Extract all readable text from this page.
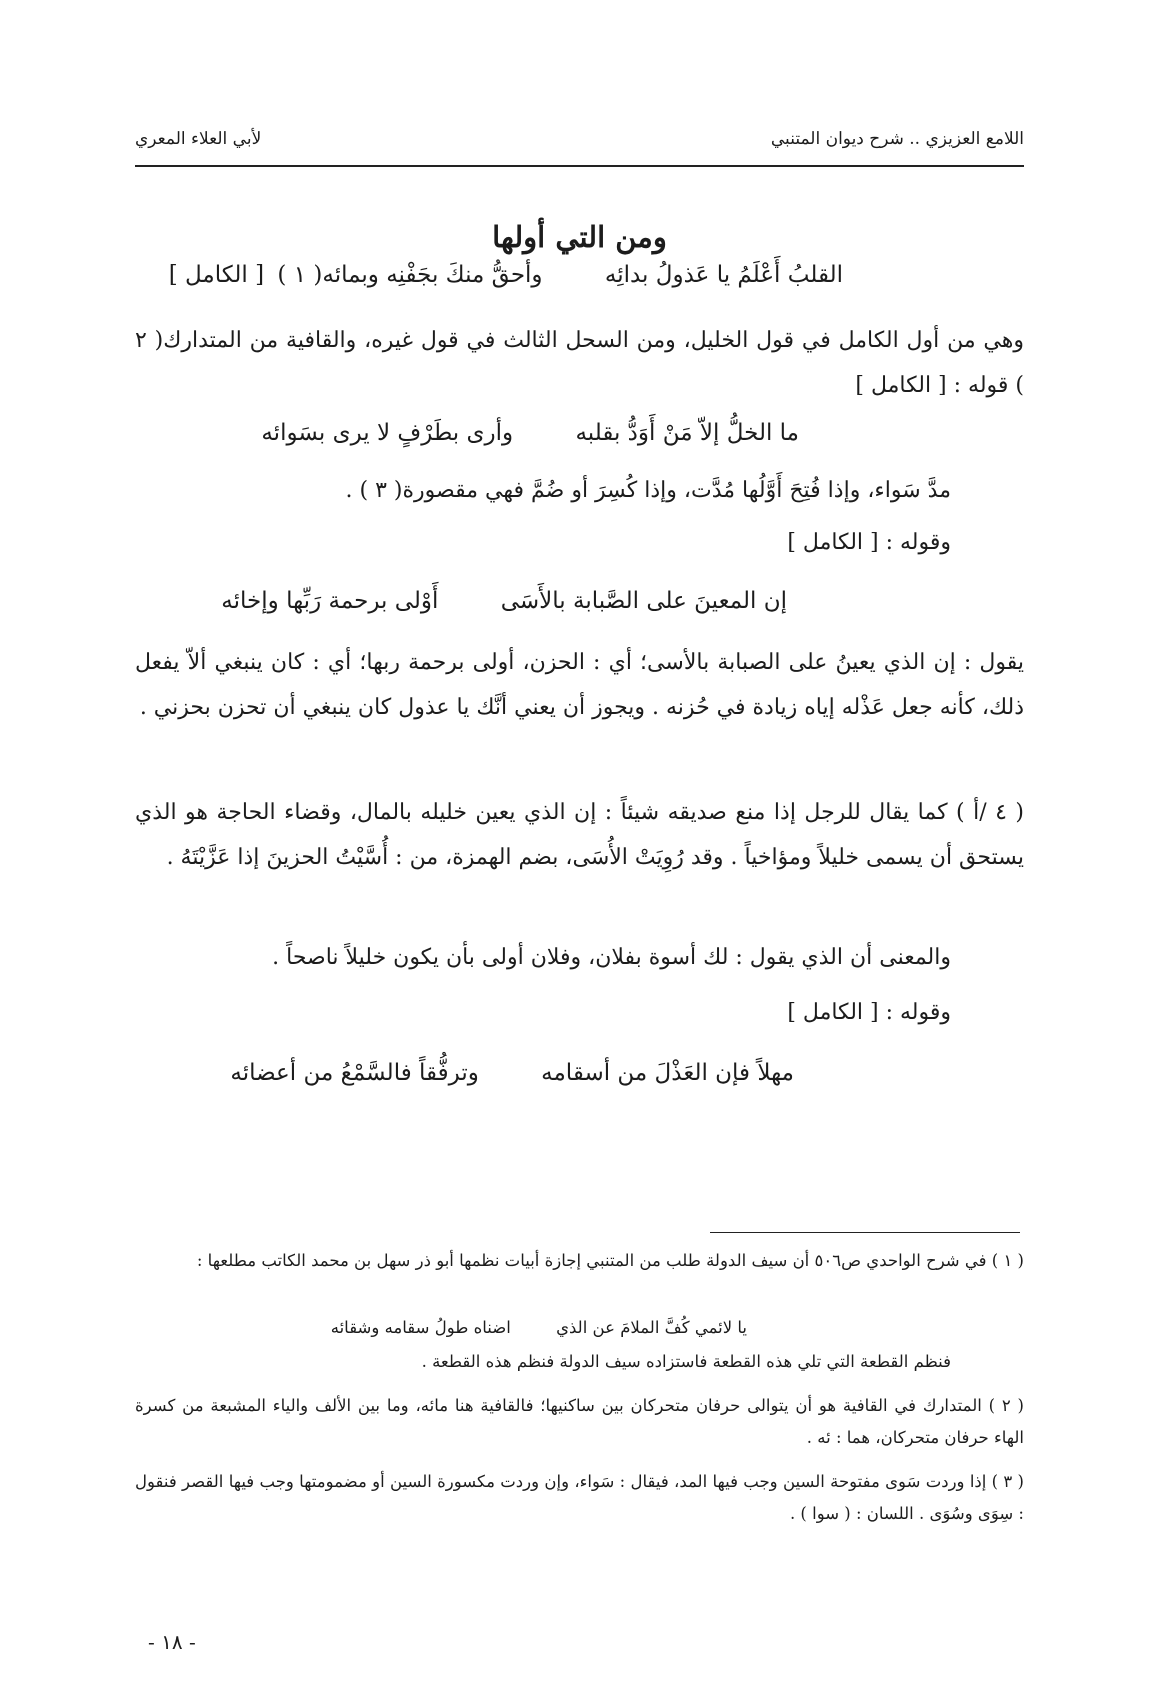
اللامع العزيزي .. شرح ديوان المتنبي
لأبي العلاء المعري
ومن التي أولها
القلبُ أَعْلَمُ يا عَذولُ بدائِه وأحقُّ منكَ بجَفْنِه وبمائه( ١ ) [ الكامل ]
وهي من أول الكامل في قول الخليل، ومن السحل الثالث في قول غيره، والقافية من المتدارك( ٢ ) قوله : [ الكامل ]
ما الخلُّ إلاّ مَنْ أَوَدُّ بقلبه وأرى بطَرْفٍ لا يرى بسَوائه
مدَّ سَواء، وإذا فُتِحَ أَوَّلُها مُدَّت، وإذا كُسِرَ أو ضُمَّ فهي مقصورة( ٣ ) .
وقوله : [ الكامل ]
إن المعينَ على الصَّبابة بالأَسَى أَوْلى برحمة رَبِّها وإخائه
يقول : إن الذي يعينُ على الصبابة بالأسى؛ أي : الحزن، أولى برحمة ربها؛ أي : كان ينبغي ألاّ يفعل ذلك، كأنه جعل عَذْله إياه زيادة في حُزنه . ويجوز أن يعني أنَّك يا عذول كان ينبغي أن تحزن بحزني .
( ٤ /أ ) كما يقال للرجل إذا منع صديقه شيئاً : إن الذي يعين خليله بالمال، وقضاء الحاجة هو الذي يستحق أن يسمى خليلاً ومؤاخياً . وقد رُوِيَتْ الأُسَى، بضم الهمزة، من : أُسَّيْتُ الحزينَ إذا عَزَّيْتَهُ .
والمعنى أن الذي يقول : لك أسوة بفلان، وفلان أولى بأن يكون خليلاً ناصحاً .
وقوله : [ الكامل ]
مهلاً فإن العَذْلَ من أسقامه وترفُّقاً فالسَّمْعُ من أعضائه
( ١ ) في شرح الواحدي ص٥٠٦ أن سيف الدولة طلب من المتنبي إجازة أبيات نظمها أبو ذر سهل بن محمد الكاتب مطلعها :
يا لائمي كُفَّ الملامَ عن الذي اضناه طولُ سقامه وشقائه
فنظم القطعة التي تلي هذه القطعة فاستزاده سيف الدولة فنظم هذه القطعة .
( ٢ ) المتدارك في القافية هو أن يتوالى حرفان متحركان بين ساكنيها؛ فالقافية هنا مائه، وما بين الألف والياء المشبعة من كسرة الهاء حرفان متحركان، هما : ئه .
( ٣ ) إذا وردت سَوى مفتوحة السين وجب فيها المد، فيقال : سَواء، وإن وردت مكسورة السين أو مضمومتها وجب فيها القصر فنقول : سِوَى وسُوَى . اللسان : ( سوا ) .
- ١٨ -
